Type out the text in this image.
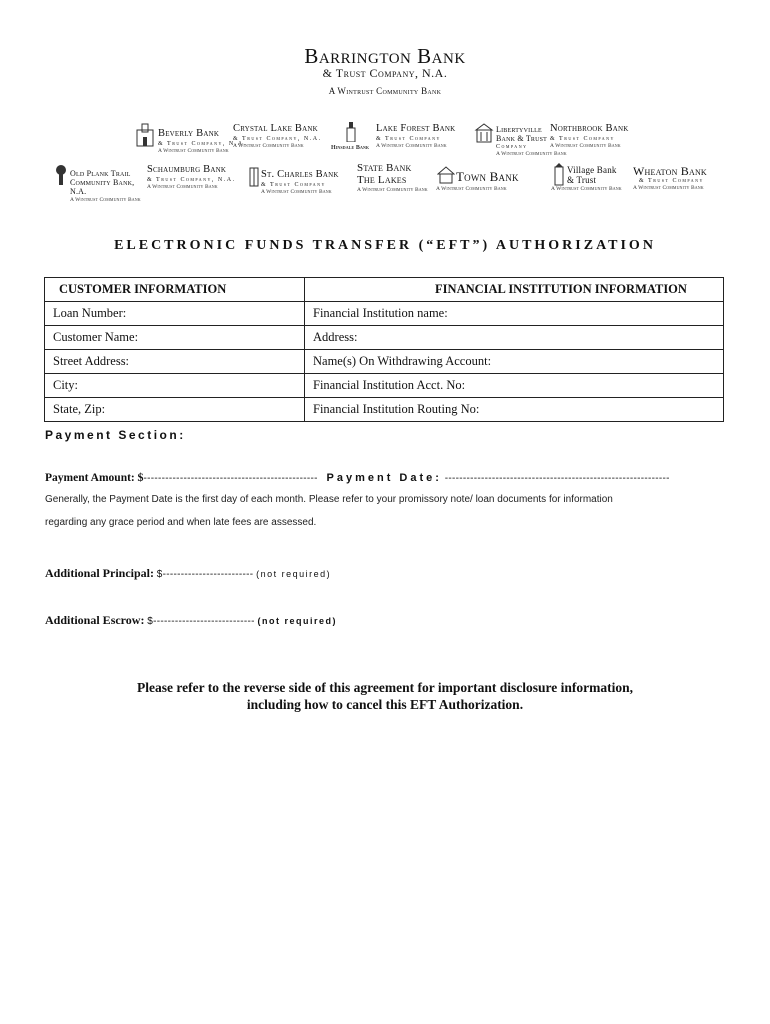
Barrington Bank
& Trust Company, N.A.
A Wintrust Community Bank
Beverly Bank
& Trust Company, N.A.
A Wintrust Community Bank
Crystal Lake Bank
& Trust Company, N.A.
A Wintrust Community Bank	Hinsdale Bank
Lake Forest Bank
& Trust Company
A Wintrust Community Bank
Libertyville Bank & Trust
Company
A Wintrust Community Bank
Northbrook Bank
& Trust Company
A Wintrust Community Bank
Old Plank Trail Community Bank, N.A.
A Wintrust Community Bank
Schaumburg Bank
& Trust Company, N.A.
A Wintrust Community Bank
St. Charles Bank
& Trust Company
A Wintrust Community Bank
State Bank
The Lakes
A Wintrust Community Bank
Town Bank
A Wintrust Community Bank
Village Bank & Trust
A Wintrust Community Bank
Wheaton Bank
& Trust Company
A Wintrust Community Bank
ELECTRONIC FUNDS TRANSFER (“EFT”) AUTHORIZATION
CUSTOMER INFORMATION	FINANCIAL INSTITUTION INFORMATION
Loan Number:	Financial Institution name:
Customer Name:	Address:
Street Address:	Name(s) On Withdrawing Account:
City:	Financial Institution Acct. No:
State, Zip:	Financial Institution Routing No:
Payment Section:
Payment Amount: $------------------------------------------------ Payment Date: --------------------------------------------------------------
Generally, the Payment Date is the first day of each month. Please refer to your promissory note/ loan documents for information
regarding any grace period and when late fees are assessed.
Additional Principal: $------------------------- (not required)
Additional Escrow: $---------------------------- (not required)
Please refer to the reverse side of this agreement for important disclosure information,
including how to cancel this EFT Authorization.
